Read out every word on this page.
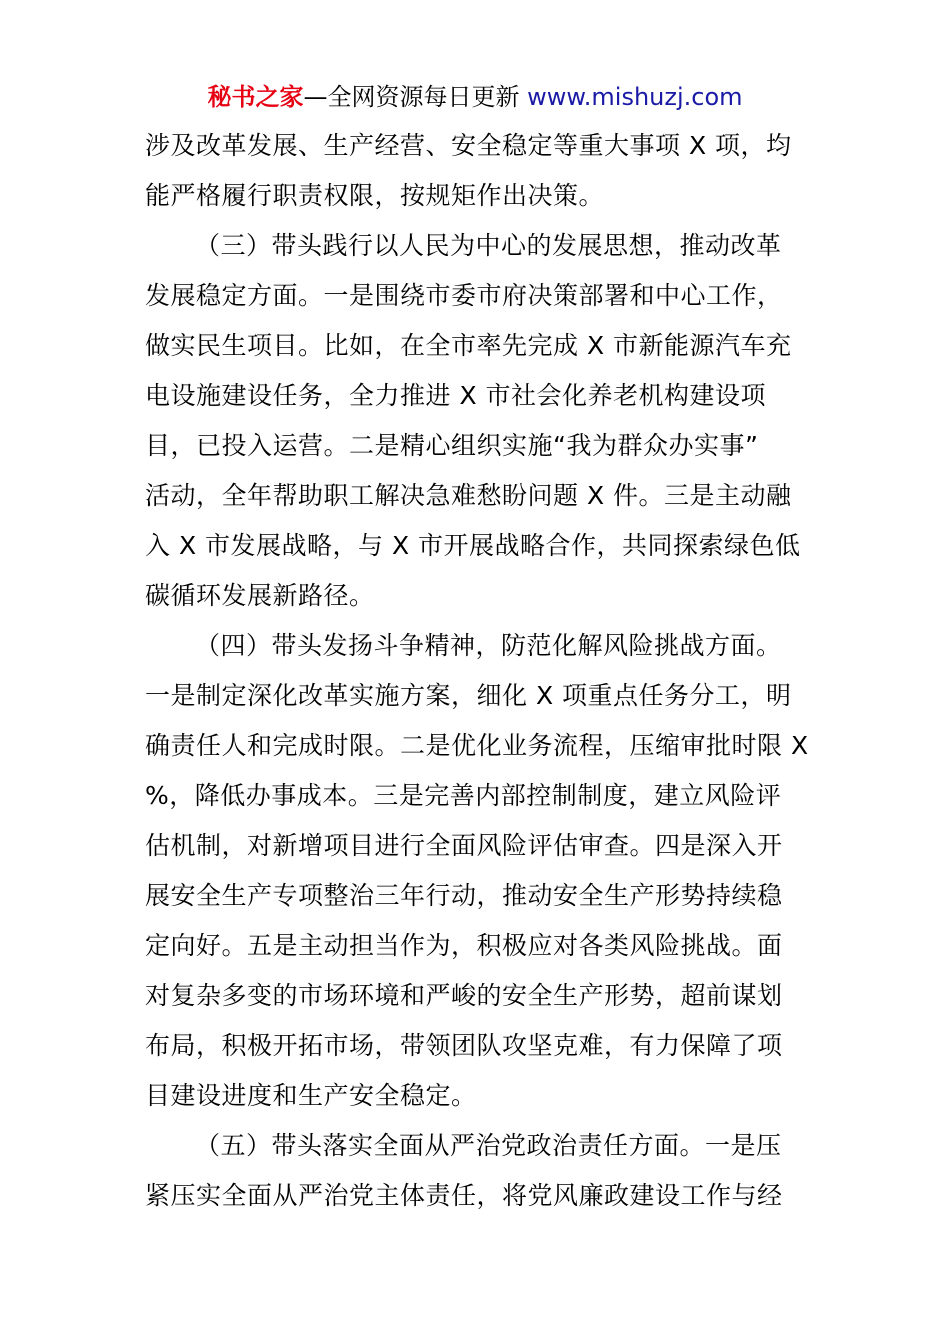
秘书之家—全网资源每日更新 www.mishuzj.com
涉及改革发展、生产经营、安全稳定等重大事项 X 项，均
能严格履行职责权限，按规矩作出决策。
（三）带头践行以人民为中心的发展思想，推动改革
发展稳定方面。一是围绕市委市府决策部署和中心工作，
做实民生项目。比如，在全市率先完成 X 市新能源汽车充
电设施建设任务，全力推进 X 市社会化养老机构建设项
目，已投入运营。二是精心组织实施“我为群众办实事”
活动，全年帮助职工解决急难愁盼问题 X 件。三是主动融
入 X 市发展战略，与 X 市开展战略合作，共同探索绿色低
碳循环发展新路径。
（四）带头发扬斗争精神，防范化解风险挑战方面。
一是制定深化改革实施方案，细化 X 项重点任务分工，明
确责任人和完成时限。二是优化业务流程，压缩审批时限 X
%，降低办事成本。三是完善内部控制制度，建立风险评
估机制，对新增项目进行全面风险评估审查。四是深入开
展安全生产专项整治三年行动，推动安全生产形势持续稳
定向好。五是主动担当作为，积极应对各类风险挑战。面
对复杂多变的市场环境和严峻的安全生产形势，超前谋划
布局，积极开拓市场，带领团队攻坚克难，有力保障了项
目建设进度和生产安全稳定。
（五）带头落实全面从严治党政治责任方面。一是压
紧压实全面从严治党主体责任，将党风廉政建设工作与经
